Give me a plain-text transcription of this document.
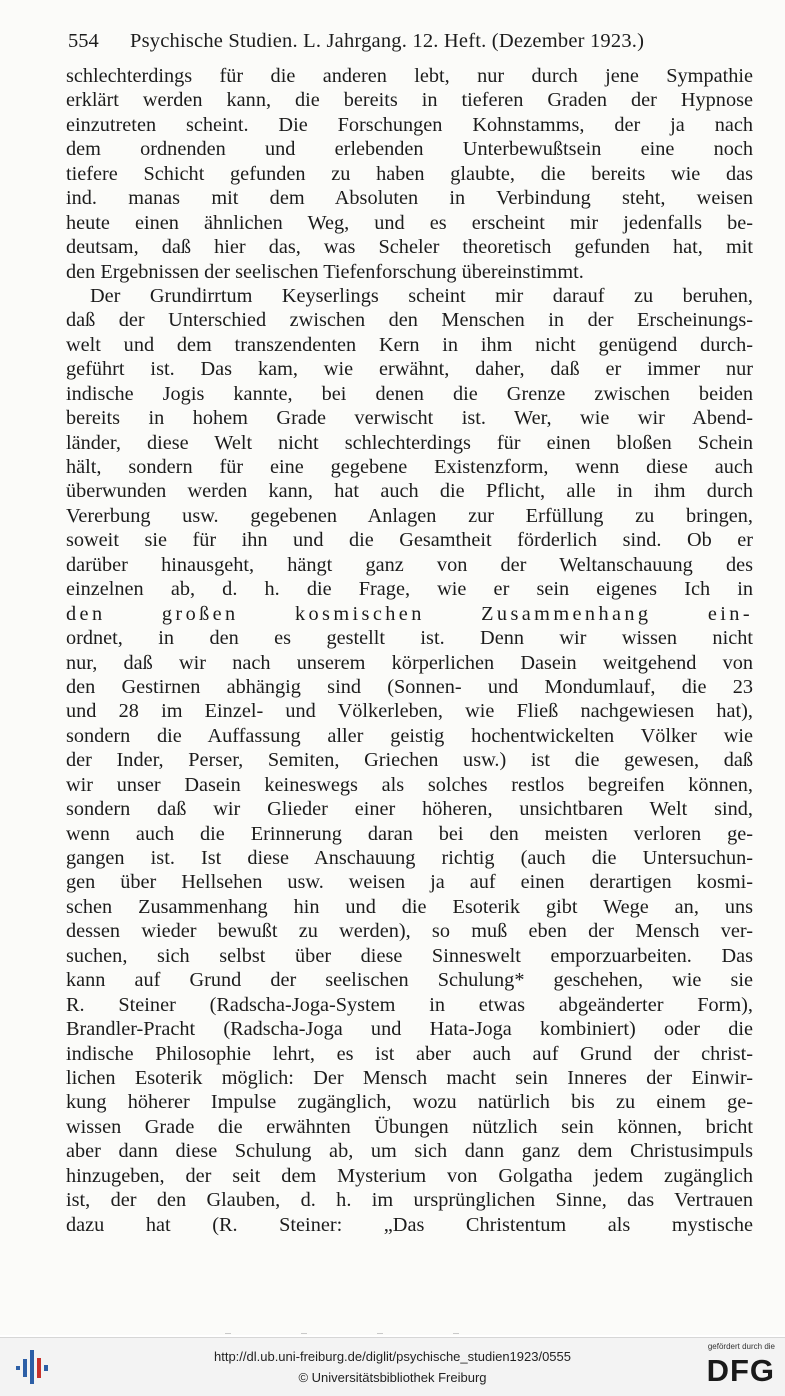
554 Psychische Studien. L. Jahrgang. 12. Heft. (Dezember 1923.)
schlechterdings für die anderen lebt, nur durch jene Sympathie
erklärt werden kann, die bereits in tieferen Graden der Hypnose
einzutreten scheint. Die Forschungen Kohnstamms, der ja nach
dem ordnenden und erlebenden Unterbewußtsein eine noch
tiefere Schicht gefunden zu haben glaubte, die bereits wie das
ind. manas mit dem Absoluten in Verbindung steht, weisen
heute einen ähnlichen Weg, und es erscheint mir jedenfalls be-
deutsam, daß hier das, was Scheler theoretisch gefunden hat, mit
den Ergebnissen der seelischen Tiefenforschung übereinstimmt.
Der Grundirrtum Keyserlings scheint mir darauf zu beruhen,
daß der Unterschied zwischen den Menschen in der Erscheinungs-
welt und dem transzendenten Kern in ihm nicht genügend durch-
geführt ist. Das kam, wie erwähnt, daher, daß er immer nur
indische Jogis kannte, bei denen die Grenze zwischen beiden
bereits in hohem Grade verwischt ist. Wer, wie wir Abend-
länder, diese Welt nicht schlechterdings für einen bloßen Schein
hält, sondern für eine gegebene Existenzform, wenn diese auch
überwunden werden kann, hat auch die Pflicht, alle in ihm durch
Vererbung usw. gegebenen Anlagen zur Erfüllung zu bringen,
soweit sie für ihn und die Gesamtheit förderlich sind. Ob er
darüber hinausgeht, hängt ganz von der Weltanschauung des
einzelnen ab, d. h. die Frage, wie er sein eigenes Ich in
den großen kosmischen Zusammenhang ein-
ordnet, in den es gestellt ist. Denn wir wissen nicht
nur, daß wir nach unserem körperlichen Dasein weitgehend von
den Gestirnen abhängig sind (Sonnen- und Mondumlauf, die 23
und 28 im Einzel- und Völkerleben, wie Fließ nachgewiesen hat),
sondern die Auffassung aller geistig hochentwickelten Völker wie
der Inder, Perser, Semiten, Griechen usw.) ist die gewesen, daß
wir unser Dasein keineswegs als solches restlos begreifen können,
sondern daß wir Glieder einer höheren, unsichtbaren Welt sind,
wenn auch die Erinnerung daran bei den meisten verloren ge-
gangen ist. Ist diese Anschauung richtig (auch die Untersuchun-
gen über Hellsehen usw. weisen ja auf einen derartigen kosmi-
schen Zusammenhang hin und die Esoterik gibt Wege an, uns
dessen wieder bewußt zu werden), so muß eben der Mensch ver-
suchen, sich selbst über diese Sinneswelt emporzuarbeiten. Das
kann auf Grund der seelischen Schulung* geschehen, wie sie
R. Steiner (Radscha-Joga-System in etwas abgeänderter Form),
Brandler-Pracht (Radscha-Joga und Hata-Joga kombiniert) oder die
indische Philosophie lehrt, es ist aber auch auf Grund der christ-
lichen Esoterik möglich: Der Mensch macht sein Inneres der Einwir-
kung höherer Impulse zugänglich, wozu natürlich bis zu einem ge-
wissen Grade die erwähnten Übungen nützlich sein können, bricht
aber dann diese Schulung ab, um sich dann ganz dem Christusimpuls
hinzugeben, der seit dem Mysterium von Golgatha jedem zugänglich
ist, der den Glauben, d. h. im ursprünglichen Sinne, das Vertrauen
dazu hat (R. Steiner: „Das Christentum als mystische
http://dl.ub.uni-freiburg.de/diglit/psychische_studien1923/0555
© Universitätsbibliothek Freiburg
gefördert durch die
DFG
